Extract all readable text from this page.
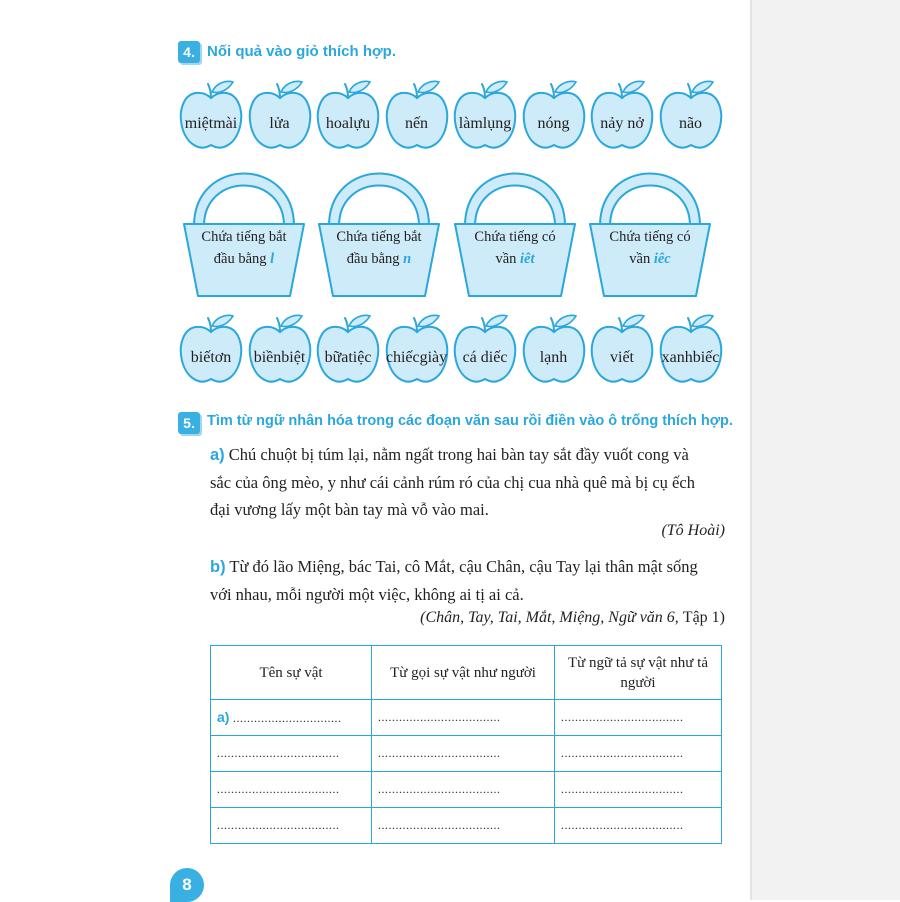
4. Nối quả vào giỏ thích hợp.
miệt mài lửa hoa lựu nến làm lụng nóng nảy nở não
Chứa tiếng bắt
đầu bằng l
Chứa tiếng bắt
đầu bằng n
Chứa tiếng có
vần iêt
Chứa tiếng có
vần iêc
biết ơn biền biệt bữa tiệc chiếc giày cá diếc lạnh	viết xanh biếc
5. Tìm từ ngữ nhân hóa trong các đoạn văn sau rồi điền vào ô trống thích hợp.
a) Chú chuột bị túm lại, nằm ngất trong hai bàn tay sắt đầy vuốt cong và
sắc của ông mèo, y như cái cảnh rúm ró của chị cua nhà quê mà bị cụ ếch
đại vương lấy một bàn tay mà vỗ vào mai.
(Tô Hoài)
b) Từ đó lão Miệng, bác Tai, cô Mắt, cậu Chân, cậu Tay lại thân mật sống
với nhau, mỗi người một việc, không ai tị ai cả.
(Chân, Tay, Tai, Mắt, Miệng, Ngữ văn 6, Tập 1)
Tên sự vật	Từ gọi sự vật như người	Từ ngữ tả sự vật như tả người
a) ...............................	...................................	...................................
...................................	...................................	...................................
...................................	...................................	...................................
...................................	...................................	...................................
8
